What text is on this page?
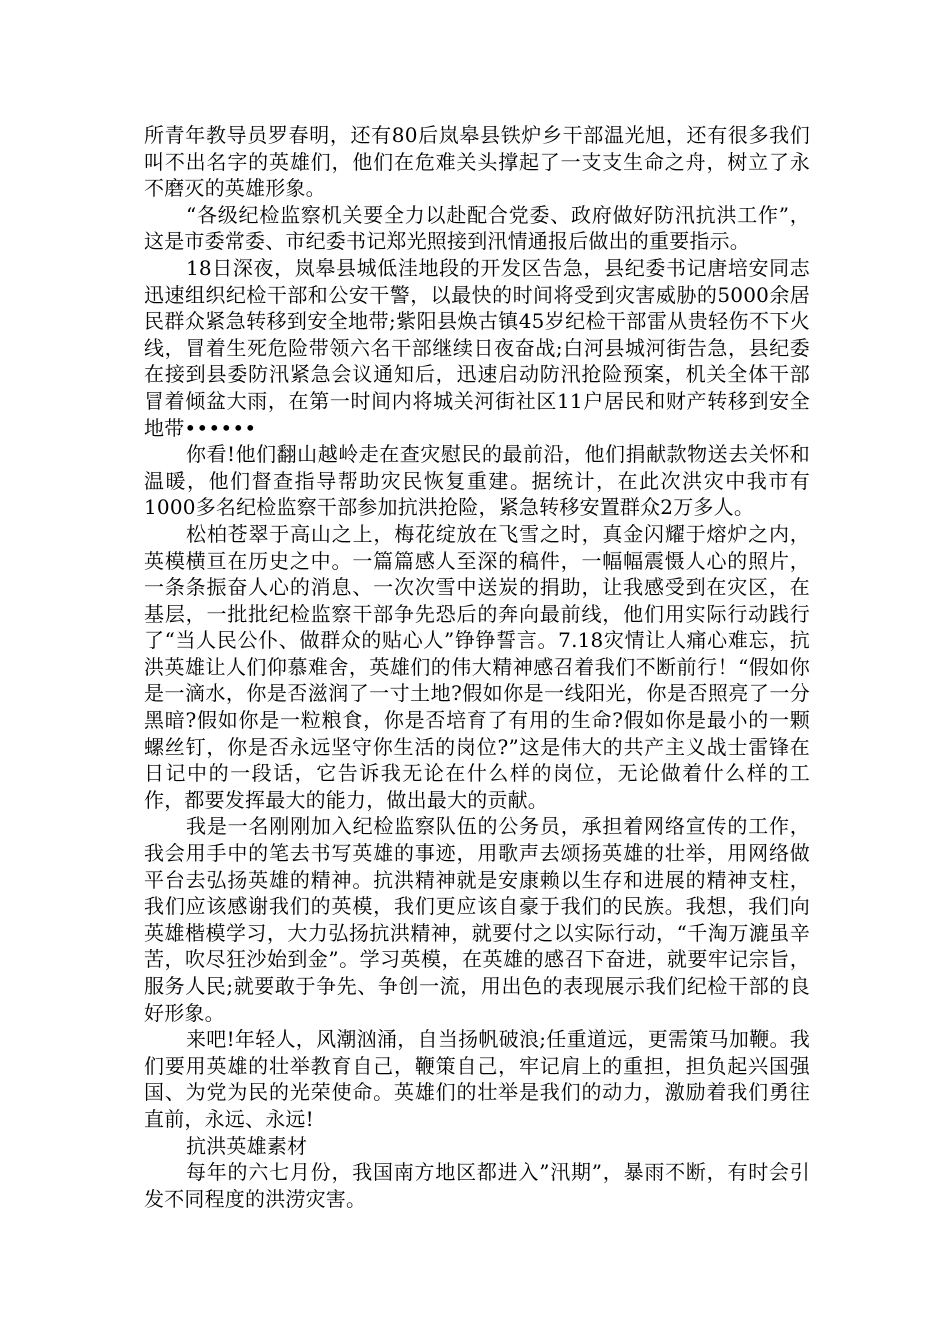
所青年教导员罗春明，还有80后岚皋县铁炉乡干部温光旭，还有很多我们叫不出名字的英雄们，他们在危难关头撑起了一支支生命之舟，树立了永不磨灭的英雄形象。

“各级纪检监察机关要全力以赴配合党委、政府做好防汛抗洪工作”，这是市委常委、市纪委书记郑光照接到汛情通报后做出的重要指示。

18日深夜，岚皋县城低洼地段的开发区告急，县纪委书记唐培安同志迅速组织纪检干部和公安干警，以最快的时间将受到灾害威胁的5000余居民群众紧急转移到安全地带;紫阳县焕古镇45岁纪检干部雷从贵轻伤不下火线，冒着生死危险带领六名干部继续日夜奋战;白河县城河街告急，县纪委在接到县委防汛紧急会议通知后，迅速启动防汛抢险预案，机关全体干部冒着倾盆大雨，在第一时间内将城关河街社区11户居民和财产转移到安全地带••••••

你看!他们翻山越岭走在查灾慰民的最前沿，他们捐献款物送去关怀和温暖，他们督查指导帮助灾民恢复重建。据统计，在此次洪灾中我市有1000多名纪检监察干部参加抗洪抢险，紧急转移安置群众2万多人。

松柏苍翠于高山之上，梅花绽放在飞雪之时，真金闪耀于熔炉之内，英模横亘在历史之中。一篇篇感人至深的稿件，一幅幅震慑人心的照片，一条条振奋人心的消息、一次次雪中送炭的捐助，让我感受到在灾区，在基层，一批批纪检监察干部争先恐后的奔向最前线，他们用实际行动践行了“当人民公仆、做群众的贴心人”铮铮誓言。7.18灾情让人痛心难忘，抗洪英雄让人们仰慕难舍，英雄们的伟大精神感召着我们不断前行！“假如你是一滴水，你是否滋润了一寸土地?假如你是一线阳光，你是否照亮了一分黑暗?假如你是一粒粮食，你是否培育了有用的生命?假如你是最小的一颗螺丝钉，你是否永远坚守你生活的岗位?”这是伟大的共产主义战士雷锋在日记中的一段话，它告诉我无论在什么样的岗位，无论做着什么样的工作，都要发挥最大的能力，做出最大的贡献。

我是一名刚刚加入纪检监察队伍的公务员，承担着网络宣传的工作，我会用手中的笔去书写英雄的事迹，用歌声去颂扬英雄的壮举，用网络做平台去弘扬英雄的精神。抗洪精神就是安康赖以生存和进展的精神支柱，我们应该感谢我们的英模，我们更应该自豪于我们的民族。我想，我们向英雄楷模学习，大力弘扬抗洪精神，就要付之以实际行动，“千淘万漉虽辛苦，吹尽狂沙始到金”。学习英模，在英雄的感召下奋进，就要牢记宗旨，服务人民;就要敢于争先、争创一流，用出色的表现展示我们纪检干部的良好形象。

来吧!年轻人，风潮汹涌，自当扬帆破浪;任重道远，更需策马加鞭。我们要用英雄的壮举教育自己，鞭策自己，牢记肩上的重担，担负起兴国强国、为党为民的光荣使命。英雄们的壮举是我们的动力，激励着我们勇往直前，永远、永远!

抗洪英雄素材

每年的六七月份，我国南方地区都进入”汛期”，暴雨不断，有时会引发不同程度的洪涝灾害。
